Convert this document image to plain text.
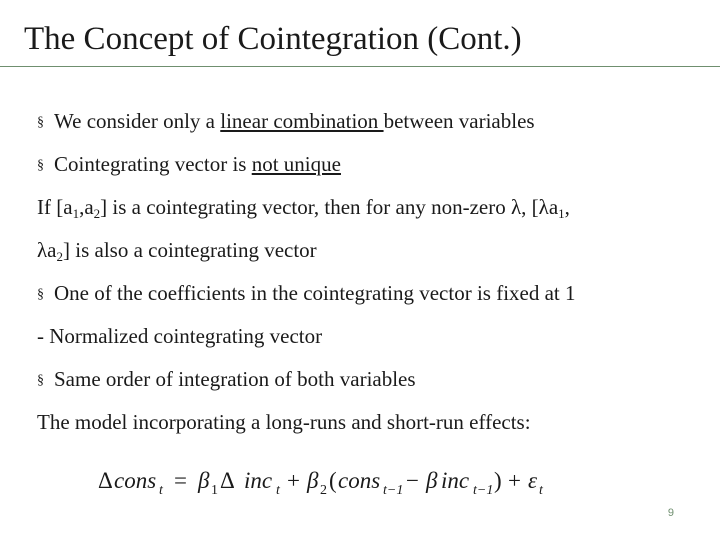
The Concept of Cointegration (Cont.)
§ We consider only a linear combination between variables
§ Cointegrating vector is not unique
If $[a_1,a_2]$ is a cointegrating vector, then for any non-zero λ, [$\lambda a_1$,
$\lambda a_2$] is also a cointegrating vector
§ One of the coefficients in the cointegrating vector is fixed at 1
- Normalized cointegrating vector
§ Same order of integration of both variables
The model incorporating a long-runs and short-run effects:
Δ cons t = β 1 Δ inc t + β 2 ( cons t−1 − β inc t−1 ) + ε t
9
